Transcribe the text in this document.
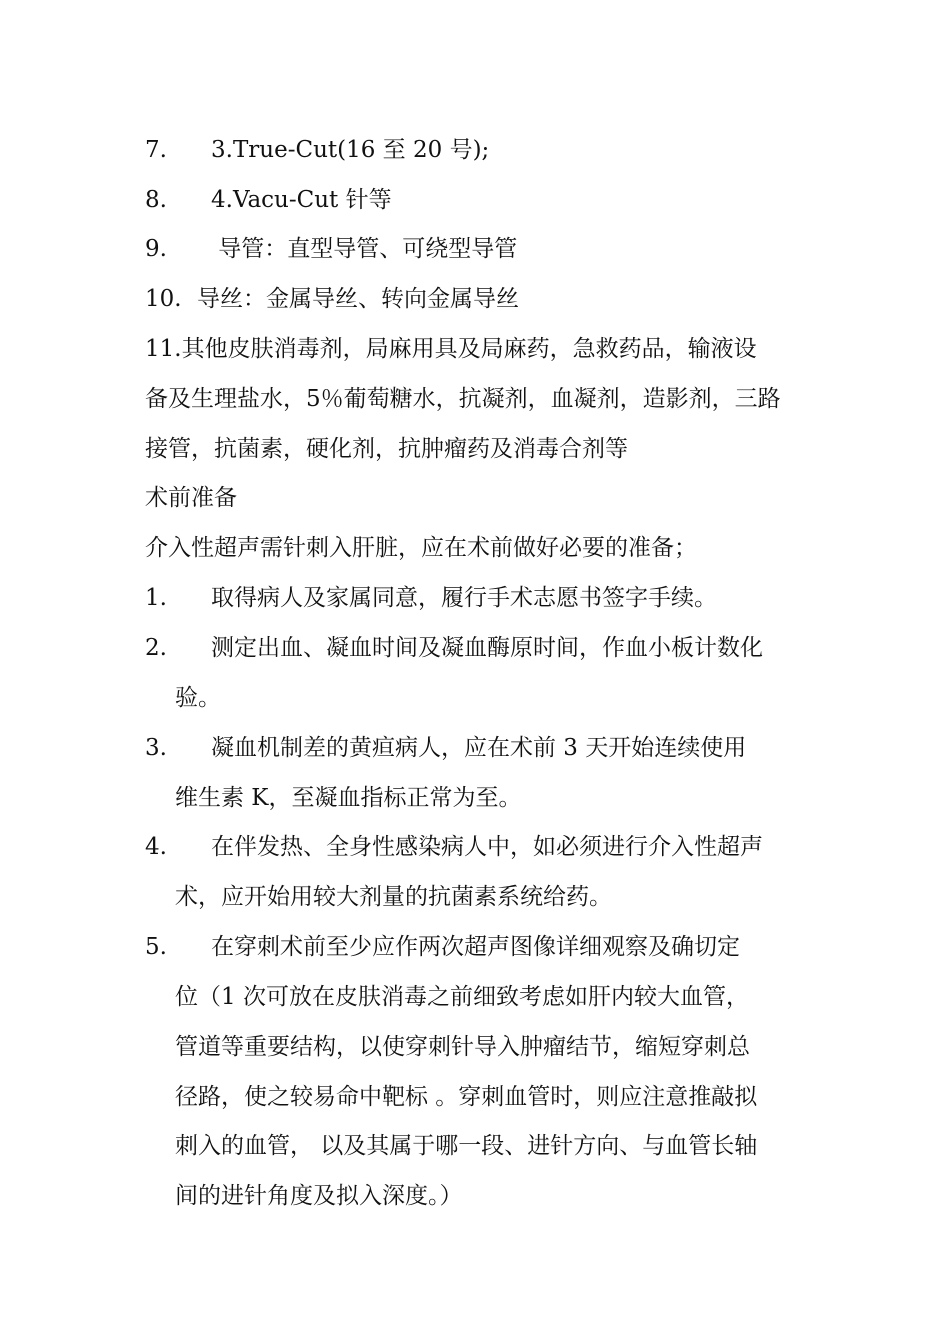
7. 3.True-Cut(16 至 20 号);
8. 4.Vacu-Cut 针等
9. 导管：直型导管、可绕型导管
10. 导丝：金属导丝、转向金属导丝
11.其他皮肤消毒剂，局麻用具及局麻药，急救药品，输液设
备及生理盐水，5％葡萄糖水，抗凝剂，血凝剂，造影剂，三路
接管，抗菌素，硬化剂，抗肿瘤药及消毒合剂等
术前准备
介入性超声需针刺入肝脏，应在术前做好必要的准备；
1. 取得病人及家属同意，履行手术志愿书签字手续。
2. 测定出血、凝血时间及凝血酶原时间，作血小板计数化
验。
3. 凝血机制差的黄疸病人，应在术前 3 天开始连续使用
维生素 K，至凝血指标正常为至。
4. 在伴发热、全身性感染病人中，如必须进行介入性超声
术，应开始用较大剂量的抗菌素系统给药。
5. 在穿刺术前至少应作两次超声图像详细观察及确切定
位（1 次可放在皮肤消毒之前细致考虑如肝内较大血管，
管道等重要结构，以使穿刺针导入肿瘤结节，缩短穿刺总
径路，使之较易命中靶标 。穿刺血管时，则应注意推敲拟
刺入的血管， 以及其属于哪一段、进针方向、与血管长轴
间的进针角度及拟入深度。）
